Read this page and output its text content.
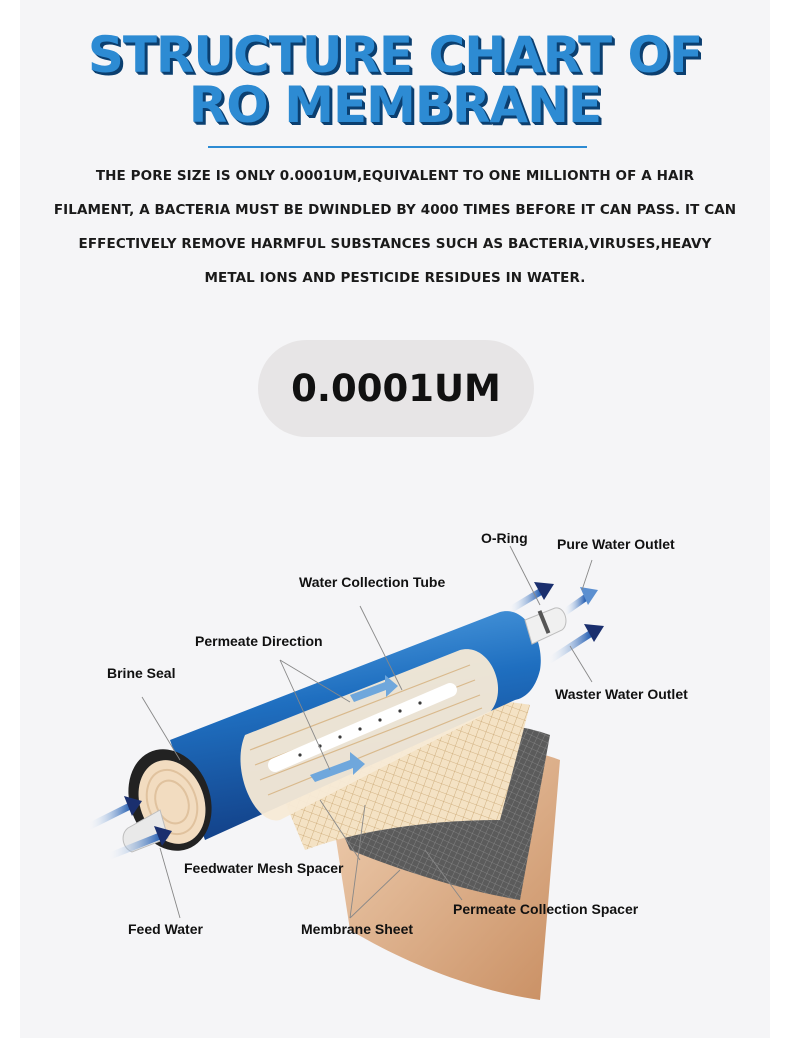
STRUCTURE CHART OF
RO MEMBRANE
THE PORE SIZE IS ONLY 0.0001UM,EQUIVALENT TO ONE MILLIONTH OF A HAIR
FILAMENT, A BACTERIA MUST BE DWINDLED BY 4000 TIMES BEFORE IT CAN PASS. IT CAN
EFFECTIVELY REMOVE HARMFUL SUBSTANCES SUCH AS BACTERIA,VIRUSES,HEAVY
METAL IONS AND PESTICIDE RESIDUES IN WATER.
0.0001UM
O-Ring Pure Water Outlet
Water Collection Tube
Permeate Direction
Brine Seal
Waster Water Outlet
Feedwater Mesh Spacer
Permeate Collection Spacer
Feed Water	Membrane Sheet
